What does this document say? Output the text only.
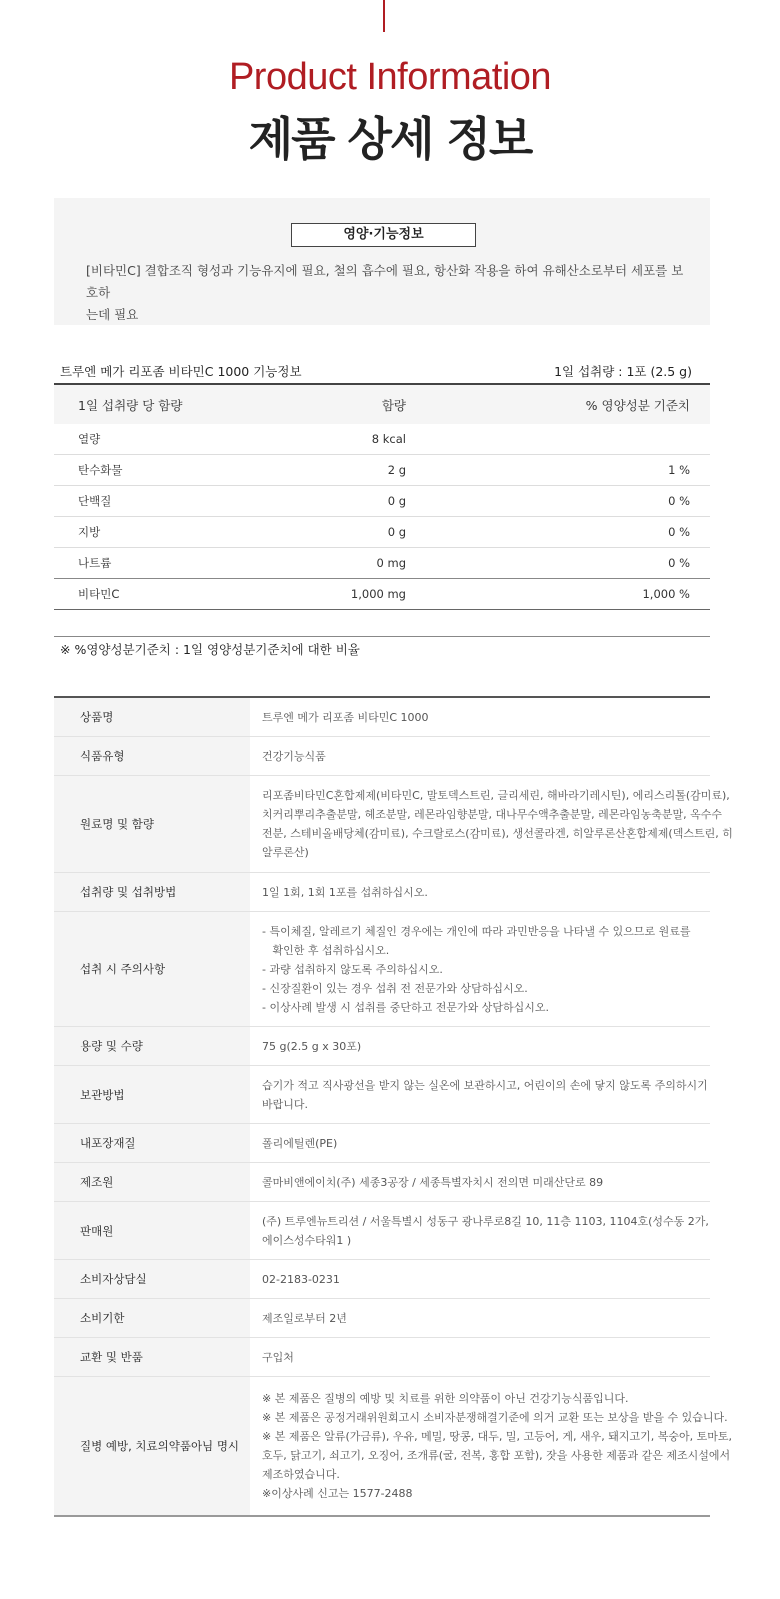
Product Information
제품 상세 정보
영양·기능정보
[비타민C] 결합조직 형성과 기능유지에 필요, 철의 흡수에 필요, 항산화 작용을 하여 유해산소로부터 세포를 보호하
는데 필요
트루엔 메가 리포좀 비타민C 1000 기능정보	1일 섭취량 : 1포 (2.5 g)
1일 섭취량 당 함량	함량	% 영양성분 기준치
열량	8 kcal
탄수화물	2 g	1 %
단백질	0 g	0 %
지방	0 g	0 %
나트륨	0 mg	0 %
비타민C	1,000 mg	1,000 %
※ %영양성분기준치 : 1일 영양성분기준치에 대한 비율
상품명	트루엔 메가 리포좀 비타민C 1000
식품유형	건강기능식품
원료명 및 함량
리포좀비타민C혼합제제(비타민C, 말토덱스트린, 글리세린, 해바라기레시틴), 에리스리톨(감미료),
치커리뿌리추출분말, 헤조분말, 레몬라임향분말, 대나무수액추출분말, 레몬라임농축분말, 옥수수
전분, 스테비올배당체(감미료), 수크랄로스(감미료), 생선콜라겐, 히알루론산혼합제제(덱스트린, 히
알루론산)
섭취량 및 섭취방법	1일 1회, 1회 1포를 섭취하십시오.
섭취 시 주의사항
- 특이체질, 알레르기 체질인 경우에는 개인에 따라 과민반응을 나타낼 수 있으므로 원료를
확인한 후 섭취하십시오.
- 과량 섭취하지 않도록 주의하십시오.
- 신장질환이 있는 경우 섭취 전 전문가와 상담하십시오.
- 이상사례 발생 시 섭취를 중단하고 전문가와 상담하십시오.
용량 및 수량	75 g(2.5 g x 30포)
보관방법
습기가 적고 직사광선을 받지 않는 실온에 보관하시고, 어린이의 손에 닿지 않도록 주의하시기
바랍니다.
내포장재질	폴리에틸렌(PE)
제조원	콜마비앤에이치(주) 세종3공장 / 세종특별자치시 전의면 미래산단로 89
판매원
(주) 트루엔뉴트리션 / 서울특별시 성동구 광나루로8길 10, 11층 1103, 1104호(성수동 2가,
에이스성수타워1 )
소비자상담실	02-2183-0231
소비기한	제조일로부터 2년
교환 및 반품	구입처
질병 예방, 치료의약품아님 명시
※ 본 제품은 질병의 예방 및 치료를 위한 의약품이 아닌 건강기능식품입니다.
※ 본 제품은 공정거래위원회고시 소비자분쟁해결기준에 의거 교환 또는 보상을 받을 수 있습니다.
※ 본 제품은 알류(가금류), 우유, 메밀, 땅콩, 대두, 밀, 고등어, 게, 새우, 돼지고기, 복숭아, 토마토,
호두, 닭고기, 쇠고기, 오징어, 조개류(굴, 전복, 홍합 포함), 잣을 사용한 제품과 같은 제조시설에서
제조하였습니다.
※이상사례 신고는 1577-2488
